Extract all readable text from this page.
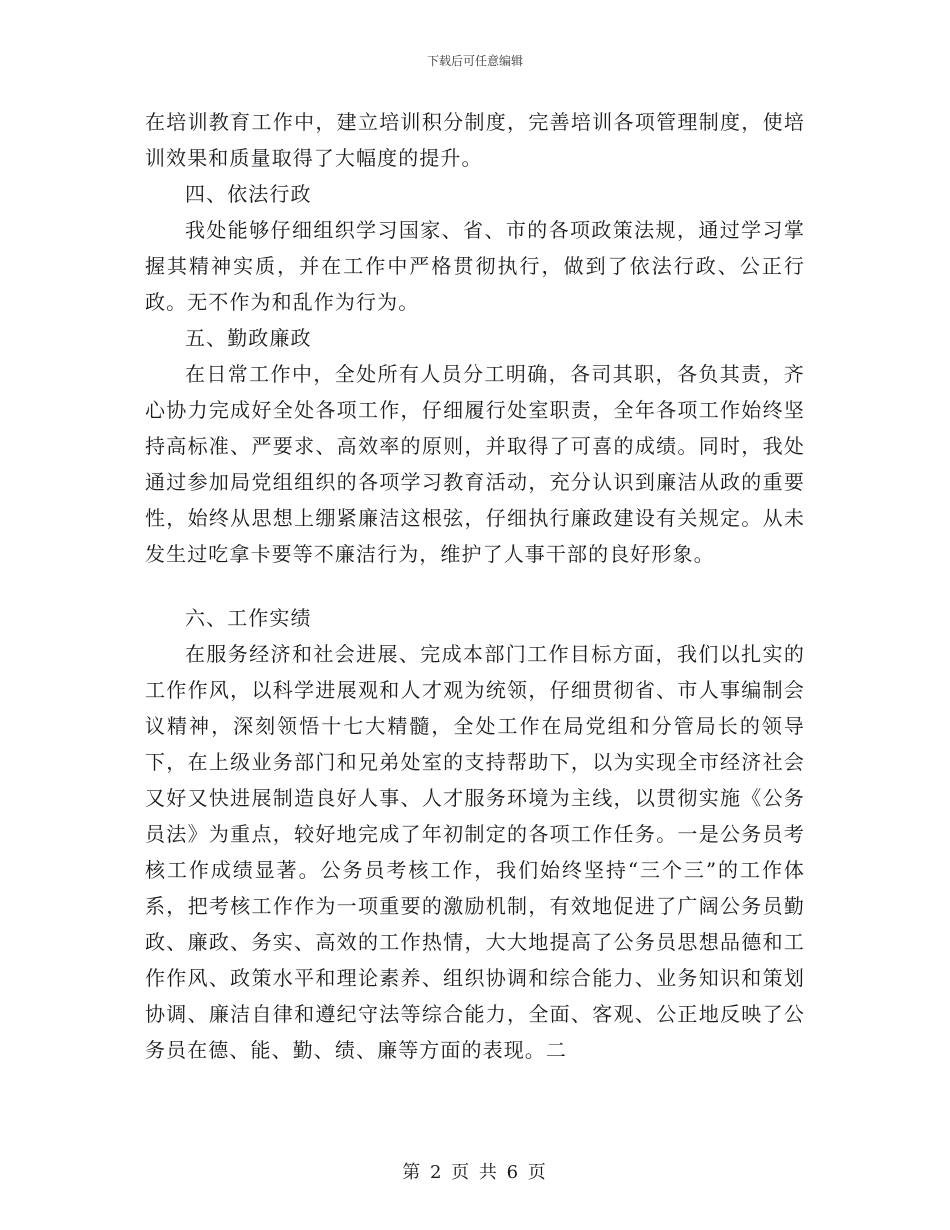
下载后可任意编辑

在培训教育工作中，建立培训积分制度，完善培训各项管理制度，使培训效果和质量取得了大幅度的提升。

四、依法行政

我处能够仔细组织学习国家、省、市的各项政策法规，通过学习掌握其精神实质，并在工作中严格贯彻执行，做到了依法行政、公正行政。无不作为和乱作为行为。

五、勤政廉政

在日常工作中，全处所有人员分工明确，各司其职，各负其责，齐心协力完成好全处各项工作，仔细履行处室职责，全年各项工作始终坚持高标准、严要求、高效率的原则，并取得了可喜的成绩。同时，我处通过参加局党组组织的各项学习教育活动，充分认识到廉洁从政的重要性，始终从思想上绷紧廉洁这根弦，仔细执行廉政建设有关规定。从未发生过吃拿卡要等不廉洁行为，维护了人事干部的良好形象。

六、工作实绩

在服务经济和社会进展、完成本部门工作目标方面，我们以扎实的工作作风，以科学进展观和人才观为统领，仔细贯彻省、市人事编制会议精神，深刻领悟十七大精髓，全处工作在局党组和分管局长的领导下，在上级业务部门和兄弟处室的支持帮助下，以为实现全市经济社会又好又快进展制造良好人事、人才服务环境为主线，以贯彻实施《公务员法》为重点，较好地完成了年初制定的各项工作任务。一是公务员考核工作成绩显著。公务员考核工作，我们始终坚持“三个三”的工作体系，把考核工作作为一项重要的激励机制，有效地促进了广阔公务员勤政、廉政、务实、高效的工作热情，大大地提高了公务员思想品德和工作作风、政策水平和理论素养、组织协调和综合能力、业务知识和策划协调、廉洁自律和遵纪守法等综合能力，全面、客观、公正地反映了公务员在德、能、勤、绩、廉等方面的表现。二

第 2 页 共 6 页
